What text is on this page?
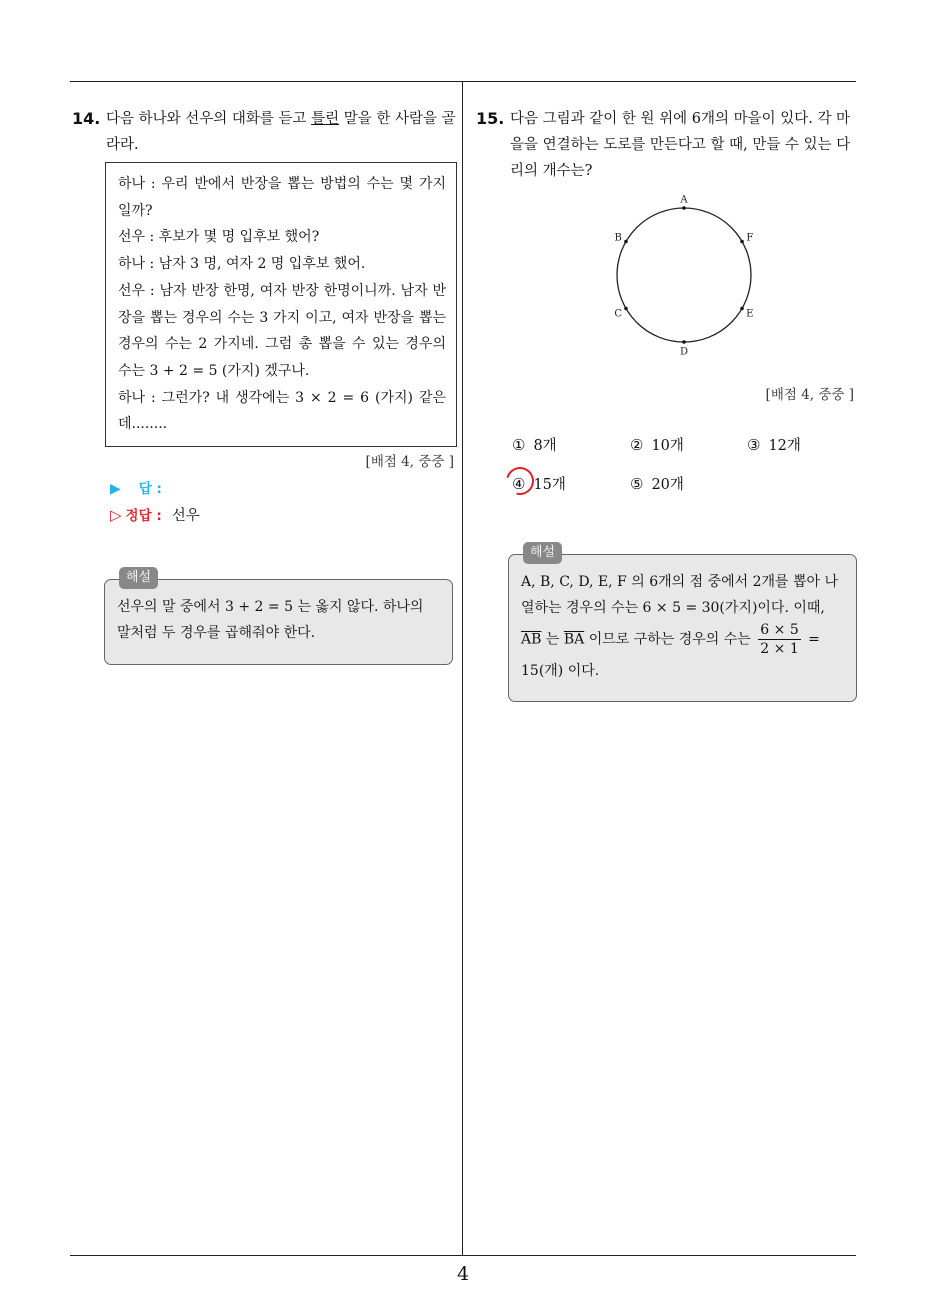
14. 다음 하나와 선우의 대화를 듣고 틀린 말을 한 사람을 골라라.
하나 : 우리 반에서 반장을 뽑는 방법의 수는 몇 가지 일까?
선우 : 후보가 몇 명 입후보 했어?
하나 : 남자 3 명, 여자 2 명 입후보 했어.
선우 : 남자 반장 한명, 여자 반장 한명이니까. 남자 반장을 뽑는 경우의 수는 3 가지 이고, 여자 반장을 뽑는 경우의 수는 2 가지네. 그럼 총 뽑을 수 있는 경우의 수는 3 + 2 = 5 (가지) 겠구나.
하나 : 그런가? 내 생각에는 3 × 2 = 6 (가지) 같은데........
[배점 4, 중중 ]
▶ 답 :
▷ 정답 : 선우
해설
선우의 말 중에서 3 + 2 = 5 는 옳지 않다. 하나의 말처럼 두 경우를 곱해줘야 한다.
15. 다음 그림과 같이 한 원 위에 6개의 마을이 있다. 각 마을을 연결하는 도로를 만든다고 할 때, 만들 수 있는 다리의 개수는?
A
F
E
D
C
B
[배점 4, 중중 ]
① 8개	② 10개	③ 12개
④ 15개	⑤ 20개
해설
A, B, C, D, E, F 의 6개의 점 중에서 2개를 뽑아 나열하는 경우의 수는 6 × 5 = 30(가지)이다. 이때, $\overline{AB}$ 는 $\overline{BA}$ 이므로 구하는 경우의 수는 $\frac{6 \times 5}{2 \times 1} = 15$(개) 이다.
4
